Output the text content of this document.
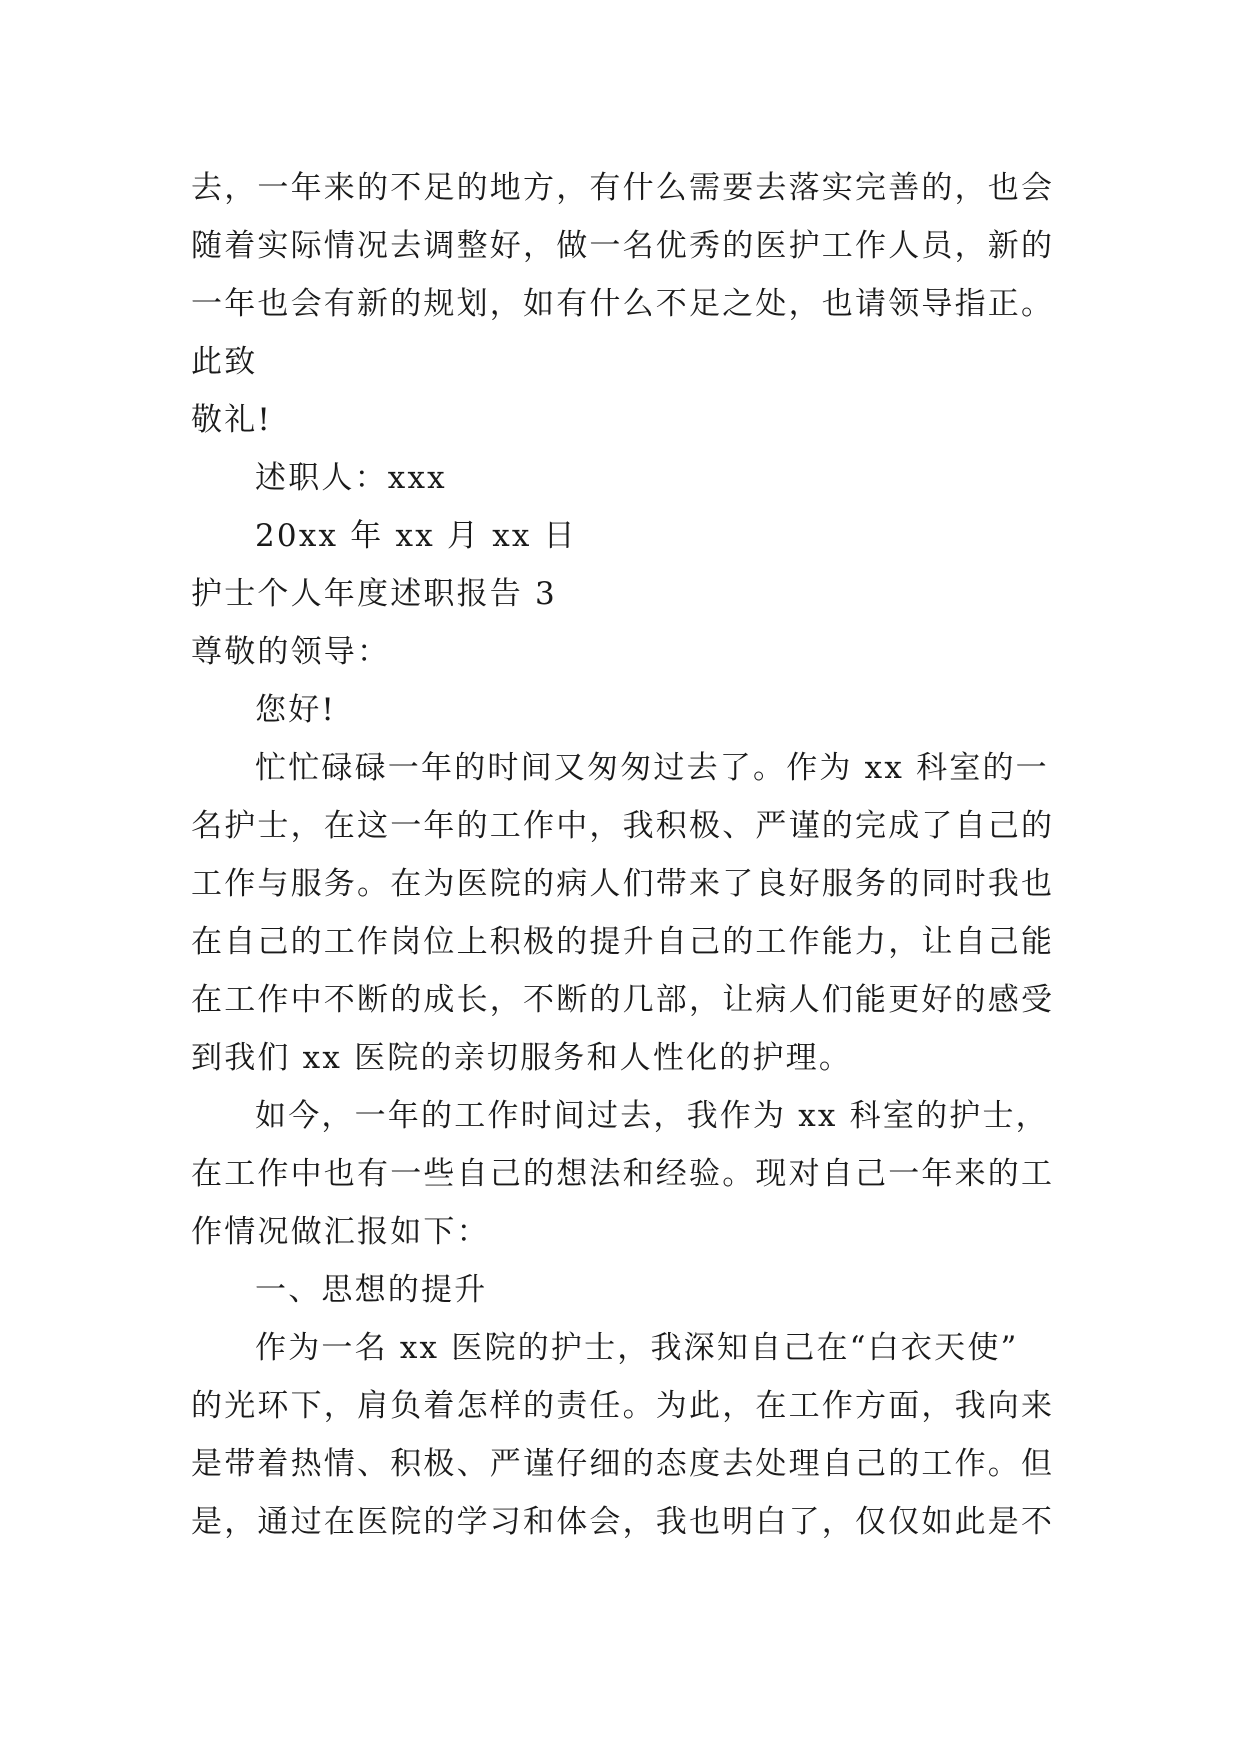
去，一年来的不足的地方，有什么需要去落实完善的，也会
随着实际情况去调整好，做一名优秀的医护工作人员，新的
一年也会有新的规划，如有什么不足之处，也请领导指正。
此致
敬礼!
述职人：xxx
20xx 年 xx 月 xx 日
护士个人年度述职报告 3
尊敬的领导：
您好!
忙忙碌碌一年的时间又匆匆过去了。作为 xx 科室的一
名护士，在这一年的工作中，我积极、严谨的完成了自己的
工作与服务。在为医院的病人们带来了良好服务的同时我也
在自己的工作岗位上积极的提升自己的工作能力，让自己能
在工作中不断的成长，不断的几部，让病人们能更好的感受
到我们 xx 医院的亲切服务和人性化的护理。
如今，一年的工作时间过去，我作为 xx 科室的护士，
在工作中也有一些自己的想法和经验。现对自己一年来的工
作情况做汇报如下：
一、思想的提升
作为一名 xx 医院的护士，我深知自己在“白衣天使”
的光环下，肩负着怎样的责任。为此，在工作方面，我向来
是带着热情、积极、严谨仔细的态度去处理自己的工作。但
是，通过在医院的学习和体会，我也明白了，仅仅如此是不
